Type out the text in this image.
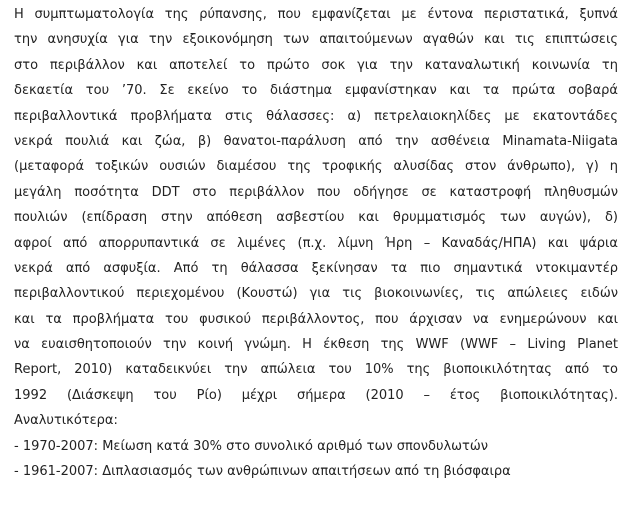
Η συμπτωματολογία της ρύπανσης, που εμφανίζεται με έντονα περιστατικά, ξυπνά
την ανησυχία για την εξοικονόμηση των απαιτούμενων αγαθών και τις επιπτώσεις
στο περιβάλλον και αποτελεί το πρώτο σοκ για την καταναλωτική κοινωνία τη
δεκαετία του ’70. Σε εκείνο το διάστημα εμφανίστηκαν και τα πρώτα σοβαρά
περιβαλλοντικά προβλήματα στις θάλασσες: α) πετρελαιοκηλίδες με εκατοντάδες
νεκρά πουλιά και ζώα, β) θανατοι-παράλυση από την ασθένεια Minamata-Niigata
(μεταφορά τοξικών ουσιών διαμέσου της τροφικής αλυσίδας στον άνθρωπο), γ) η
μεγάλη ποσότητα DDT στο περιβάλλον που οδήγησε σε καταστροφή πληθυσμών
πουλιών (επίδραση στην απόθεση ασβεστίου και θρυμματισμός των αυγών), δ)
αφροί από απορρυπαντικά σε λιμένες (π.χ. λίμνη Ήρη – Καναδάς/ΗΠΑ) και ψάρια
νεκρά από ασφυξία. Από τη θάλασσα ξεκίνησαν τα πιο σημαντικά ντοκιμαντέρ
περιβαλλοντικού περιεχομένου (Κουστώ) για τις βιοκοινωνίες, τις απώλειες ειδών
και τα προβλήματα του φυσικού περιβάλλοντος, που άρχισαν να ενημερώνουν και
να ευαισθητοποιούν την κοινή γνώμη. Η έκθεση της WWF (WWF – Living Planet
Report, 2010) καταδεικνύει την απώλεια του 10% της βιοποικιλότητας από το
1992 (Διάσκεψη του Ρίο) μέχρι σήμερα (2010 – έτος βιοποικιλότητας).
Αναλυτικότερα:
- 1970-2007: Μείωση κατά 30% στο συνολικό αριθμό των σπονδυλωτών
- 1961-2007: Διπλασιασμός των ανθρώπινων απαιτήσεων από τη βιόσφαιρα
